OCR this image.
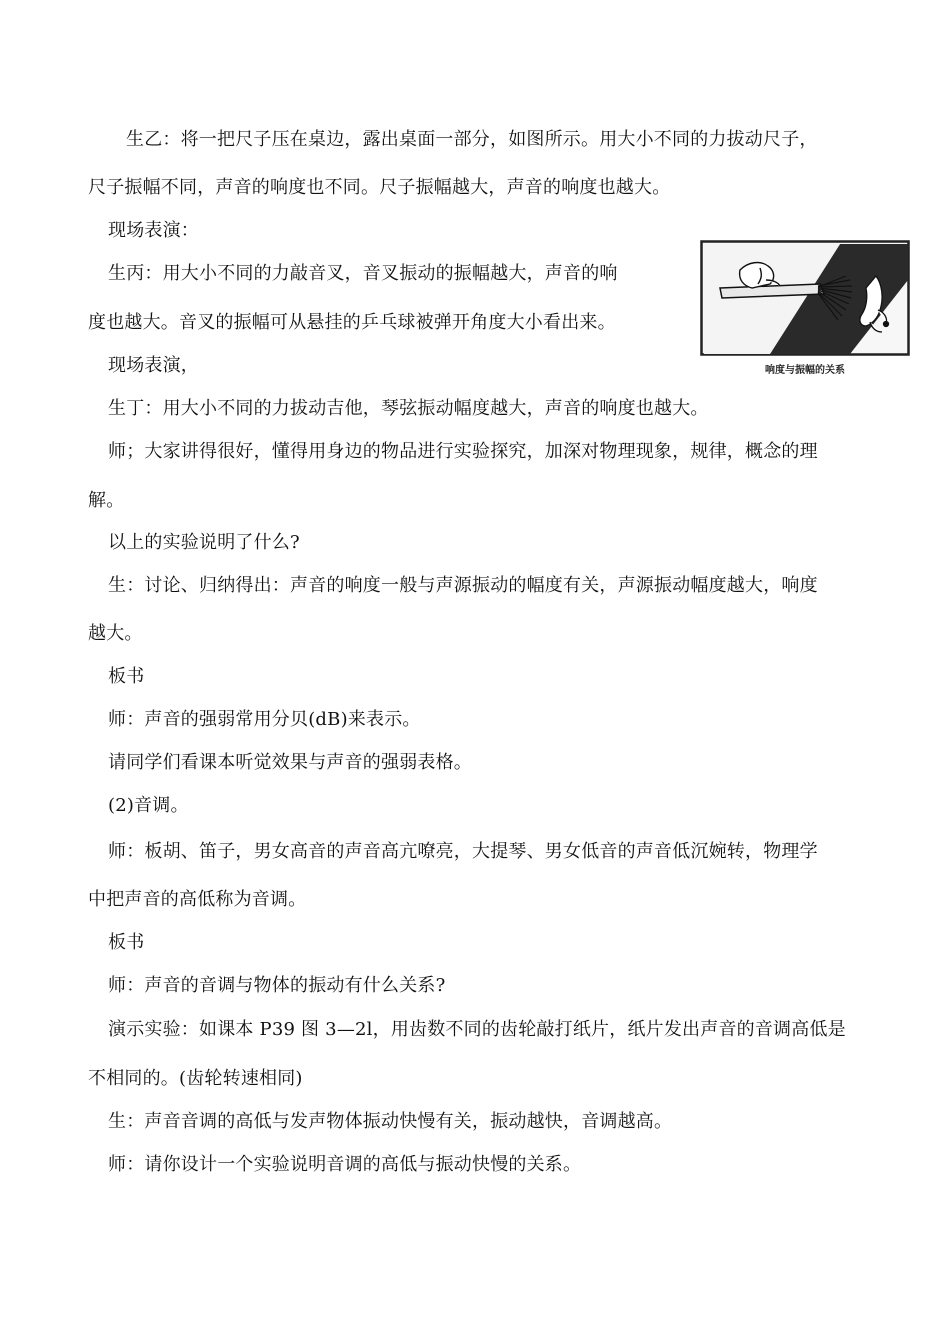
生乙：将一把尺子压在桌边，露出桌面一部分，如图所示。用大小不同的力拔动尺子，
尺子振幅不同，声音的响度也不同。尺子振幅越大，声音的响度也越大。
现场表演：
生丙：用大小不同的力敲音叉，音叉振动的振幅越大，声音的响
度也越大。音叉的振幅可从悬挂的乒乓球被弹开角度大小看出来。
现场表演，
生丁：用大小不同的力拔动吉他，琴弦振动幅度越大，声音的响度也越大。
师；大家讲得很好，懂得用身边的物品进行实验探究，加深对物理现象，规律，概念的理
解。
以上的实验说明了什么?
生：讨论、归纳得出：声音的响度一般与声源振动的幅度有关，声源振动幅度越大，响度
越大。
板书
师：声音的强弱常用分贝(dB)来表示。
请同学们看课本听觉效果与声音的强弱表格。
(2)音调。
师：板胡、笛子，男女高音的声音高亢嘹亮，大提琴、男女低音的声音低沉婉转，物理学
中把声音的高低称为音调。
板书
师：声音的音调与物体的振动有什么关系?
演示实验：如课本 P39 图 3—2l，用齿数不同的齿轮敲打纸片，纸片发出声音的音调高低是
不相同的。(齿轮转速相同)
生：声音音调的高低与发声物体振动快慢有关，振动越快，音调越高。
师：请你设计一个实验说明音调的高低与振动快慢的关系。
响度与振幅的关系
